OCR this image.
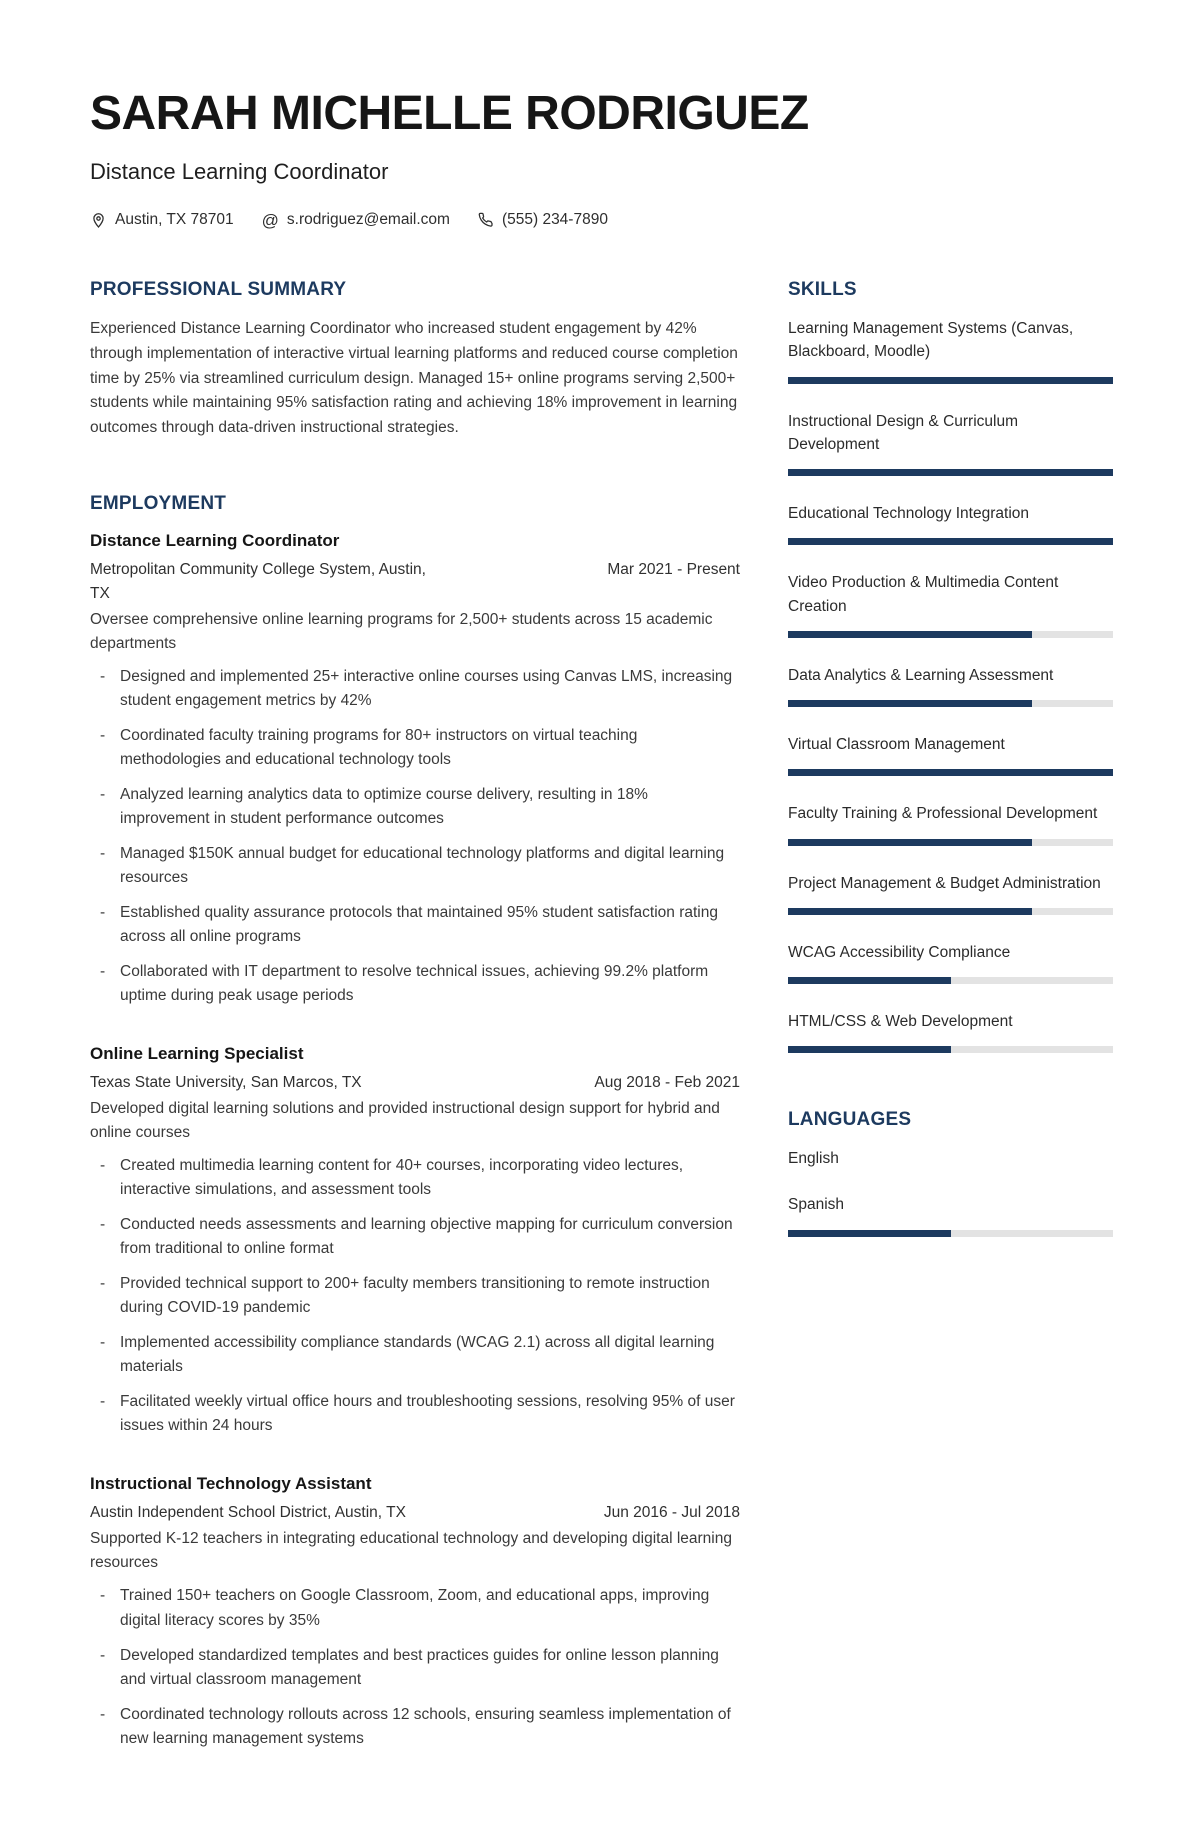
SARAH MICHELLE RODRIGUEZ
Distance Learning Coordinator
Austin, TX 78701 @ s.rodriguez@email.com	(555) 234-7890
PROFESSIONAL SUMMARY

Experienced Distance Learning Coordinator who increased student engagement by 42% through implementation of interactive virtual learning platforms and reduced course completion time by 25% via streamlined curriculum design. Managed 15+ online programs serving 2,500+ students while maintaining 95% satisfaction rating and achieving 18% improvement in learning outcomes through data-driven instructional strategies.

EMPLOYMENT
Distance Learning Coordinator
Metropolitan Community College System, Austin, TX
Mar 2021 - Present

Oversee comprehensive online learning programs for 2,500+ students across 15 academic departments

- Designed and implemented 25+ interactive online courses using Canvas LMS, increasing student engagement metrics by 42%
- Coordinated faculty training programs for 80+ instructors on virtual teaching methodologies and educational technology tools
- Analyzed learning analytics data to optimize course delivery, resulting in 18% improvement in student performance outcomes
- Managed $150K annual budget for educational technology platforms and digital learning resources
- Established quality assurance protocols that maintained 95% student satisfaction rating across all online programs
- Collaborated with IT department to resolve technical issues, achieving 99.2% platform uptime during peak usage periods
Online Learning Specialist
Texas State University, San Marcos, TX	Aug 2018 - Feb 2021

Developed digital learning solutions and provided instructional design support for hybrid and online courses

- Created multimedia learning content for 40+ courses, incorporating video lectures, interactive simulations, and assessment tools
- Conducted needs assessments and learning objective mapping for curriculum conversion from traditional to online format
- Provided technical support to 200+ faculty members transitioning to remote instruction during COVID-19 pandemic
- Implemented accessibility compliance standards (WCAG 2.1) across all digital learning materials
- Facilitated weekly virtual office hours and troubleshooting sessions, resolving 95% of user issues within 24 hours
Instructional Technology Assistant
Austin Independent School District, Austin, TX	Jun 2016 - Jul 2018

Supported K-12 teachers in integrating educational technology and developing digital learning resources

- Trained 150+ teachers on Google Classroom, Zoom, and educational apps, improving digital literacy scores by 35%
- Developed standardized templates and best practices guides for online lesson planning and virtual classroom management
- Coordinated technology rollouts across 12 schools, ensuring seamless implementation of new learning management systems
SKILLS
Learning Management Systems (Canvas, Blackboard, Moodle)
Instructional Design & Curriculum Development
Educational Technology Integration
Video Production & Multimedia Content Creation
Data Analytics & Learning Assessment
Virtual Classroom Management
Faculty Training & Professional Development
Project Management & Budget Administration
WCAG Accessibility Compliance
HTML/CSS & Web Development
LANGUAGES
English
Spanish
